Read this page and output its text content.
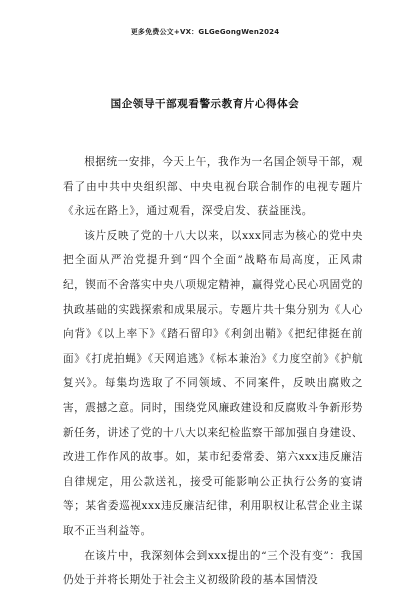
更多免费公文+VX：GLGeGongWen2024
国企领导干部观看警示教育片心得体会

根据统一安排，今天上午，我作为一名国企领导干部，观看了由中共中央组织部、中央电视台联合制作的电视专题片《永远在路上》，通过观看，深受启发、获益匪浅。

该片反映了党的十八大以来，以xxx同志为核心的党中央把全面从严治党提升到“四个全面”战略布局高度，正风肃纪，锲而不舍落实中央八项规定精神，赢得党心民心巩固党的执政基础的实践探索和成果展示。专题片共十集分别为《人心向背》《以上率下》《踏石留印》《利剑出鞘》《把纪律挺在前面》《打虎拍蝇》《天网追逃》《标本兼治》《力度空前》《护航复兴》。每集均选取了不同领域、不同案件，反映出腐败之害，震撼之意。同时，围绕党风廉政建设和反腐败斗争新形势新任务，讲述了党的十八大以来纪检监察干部加强自身建设、改进工作作风的故事。如，某市纪委常委、第六xxx违反廉洁自律规定，用公款送礼，接受可能影响公正执行公务的宴请等；某省委巡视xxx违反廉洁纪律，利用职权让私营企业主谋取不正当利益等。

在该片中，我深刻体会到xxx提出的“三个没有变”：我国仍处于并将长期处于社会主义初级阶段的基本国情没
